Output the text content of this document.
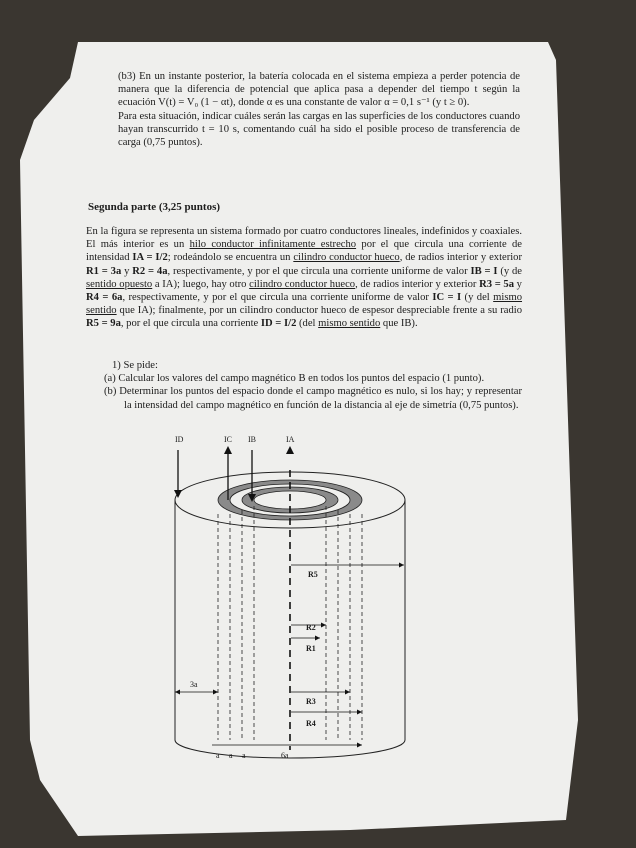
(b3) En un instante posterior, la batería colocada en el sistema empieza a perder potencia de manera que la diferencia de potencial que aplica pasa a depender del tiempo t según la ecuación V(t) = V₀ (1 − αt), donde α es una constante de valor α = 0,1 s⁻¹ (y t ≥ 0).

Para esta situación, indicar cuáles serán las cargas en las superficies de los conductores cuando hayan transcurrido t = 10 s, comentando cuál ha sido el posible proceso de transferencia de carga (0,75 puntos).

Segunda parte (3,25 puntos)
En la figura se representa un sistema formado por cuatro conductores lineales, indefinidos y coaxiales. El más interior es un hilo conductor infinitamente estrecho por el que circula una corriente de intensidad IA = I/2; rodeándolo se encuentra un cilindro conductor hueco, de radios interior y exterior R1 = 3a y R2 = 4a, respectivamente, y por el que circula una corriente uniforme de valor IB = I (y de sentido opuesto a IA); luego, hay otro cilindro conductor hueco, de radios interior y exterior R3 = 5a y R4 = 6a, respectivamente, y por el que circula una corriente uniforme de valor IC = I (y del mismo sentido que IA); finalmente, por un cilindro conductor hueco de espesor despreciable frente a su radio R5 = 9a, por el que circula una corriente ID = I/2 (del mismo sentido que IB).

1) Se pide:

(a) Calcular los valores del campo magnético B en todos los puntos del espacio (1 punto).

(b) Determinar los puntos del espacio donde el campo magnético es nulo, si los hay; y representar la intensidad del campo magnético en función de la distancia al eje de simetría (0,75 puntos).

ID	IC IB	IA
R5
R2
R1
R3
R4
3a
a a a	6a
